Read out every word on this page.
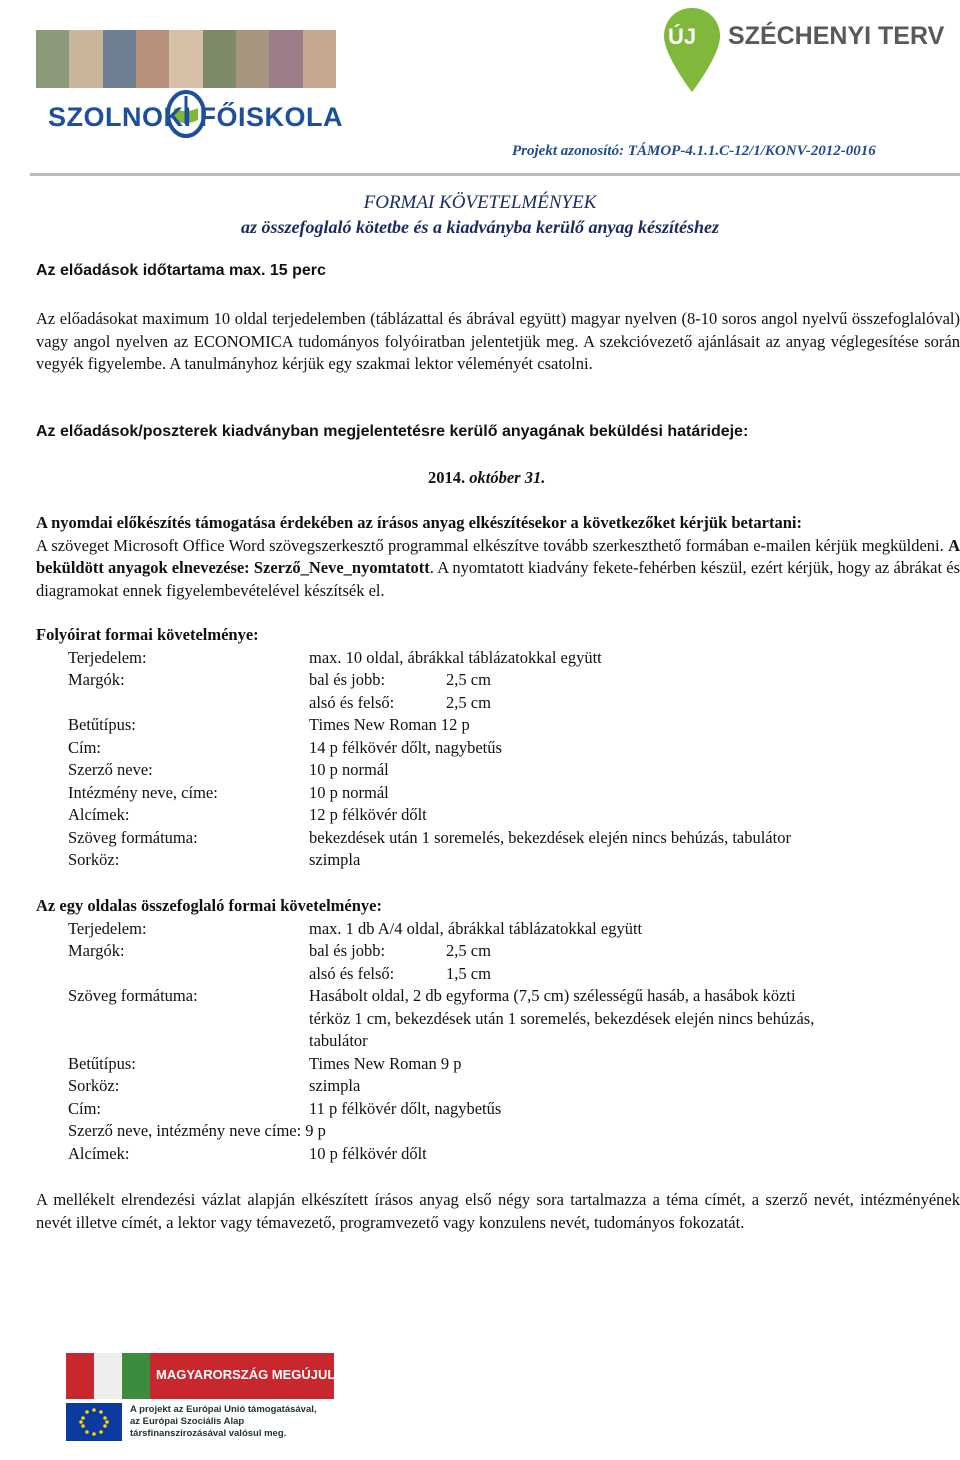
SZOLNOKI FŐISKOLA
ÚJ SZÉCHENYI TERV
Projekt azonosító: TÁMOP-4.1.1.C-12/1/KONV-2012-0016
FORMAI KÖVETELMÉNYEK
az összefoglaló kötetbe és a kiadványba kerülő anyag készítéshez
Az előadások időtartama max. 15 perc
Az előadásokat maximum 10 oldal terjedelemben (táblázattal és ábrával együtt) magyar nyelven (8-10 soros angol nyelvű összefoglalóval) vagy angol nyelven az ECONOMICA tudományos folyóiratban jelentetjük meg. A szekcióvezető ajánlásait az anyag véglegesítése során vegyék figyelembe. A tanulmányhoz kérjük egy szakmai lektor véleményét csatolni.
Az előadások/poszterek kiadványban megjelentetésre kerülő anyagának beküldési határideje:
2014. október 31.
A nyomdai előkészítés támogatása érdekében az írásos anyag elkészítésekor a következőket kérjük betartani:
A szöveget Microsoft Office Word szövegszerkesztő programmal elkészítve tovább szerkeszthető formában e-mailen kérjük megküldeni. A beküldött anyagok elnevezése: Szerző_Neve_nyomtatott. A nyomtatott kiadvány fekete-fehérben készül, ezért kérjük, hogy az ábrákat és diagramokat ennek figyelembevételével készítsék el.
Folyóirat formai követelménye:
Terjedelem:	max. 10 oldal, ábrákkal táblázatokkal együtt
Margók:	bal és jobb:	2,5 cm
alsó és felső:	2,5 cm
Betűtípus:	Times New Roman 12 p
Cím:	14 p félkövér dőlt, nagybetűs
Szerző neve:	10 p normál
Intézmény neve, címe:	10 p normál
Alcímek:	12 p félkövér dőlt
Szöveg formátuma:	bekezdések után 1 soremelés, bekezdések elején nincs behúzás, tabulátor
Sorköz:	szimpla
Az egy oldalas összefoglaló formai követelménye:
Terjedelem:	max. 1 db A/4 oldal, ábrákkal táblázatokkal együtt
Margók:	bal és jobb:	2,5 cm
alsó és felső:	1,5 cm
Szöveg formátuma:	Hasábolt oldal, 2 db egyforma (7,5 cm) szélességű hasáb, a hasábok közti
térköz 1 cm, bekezdések után 1 soremelés, bekezdések elején nincs behúzás,
tabulátor
Betűtípus:	Times New Roman 9 p
Sorköz:	szimpla
Cím:	11 p félkövér dőlt, nagybetűs
Szerző neve, intézmény neve címe: 9 p
Alcímek:	10 p félkövér dőlt
A mellékelt elrendezési vázlat alapján elkészített írásos anyag első négy sora tartalmazza a téma címét, a szerző nevét, intézményének nevét illetve címét, a lektor vagy témavezető, programvezető vagy konzulens nevét, tudományos fokozatát.
MAGYARORSZÁG MEGÚJUL
A projekt az Európai Unió támogatásával,
az Európai Szociális Alap
társfinanszírozásával valósul meg.
